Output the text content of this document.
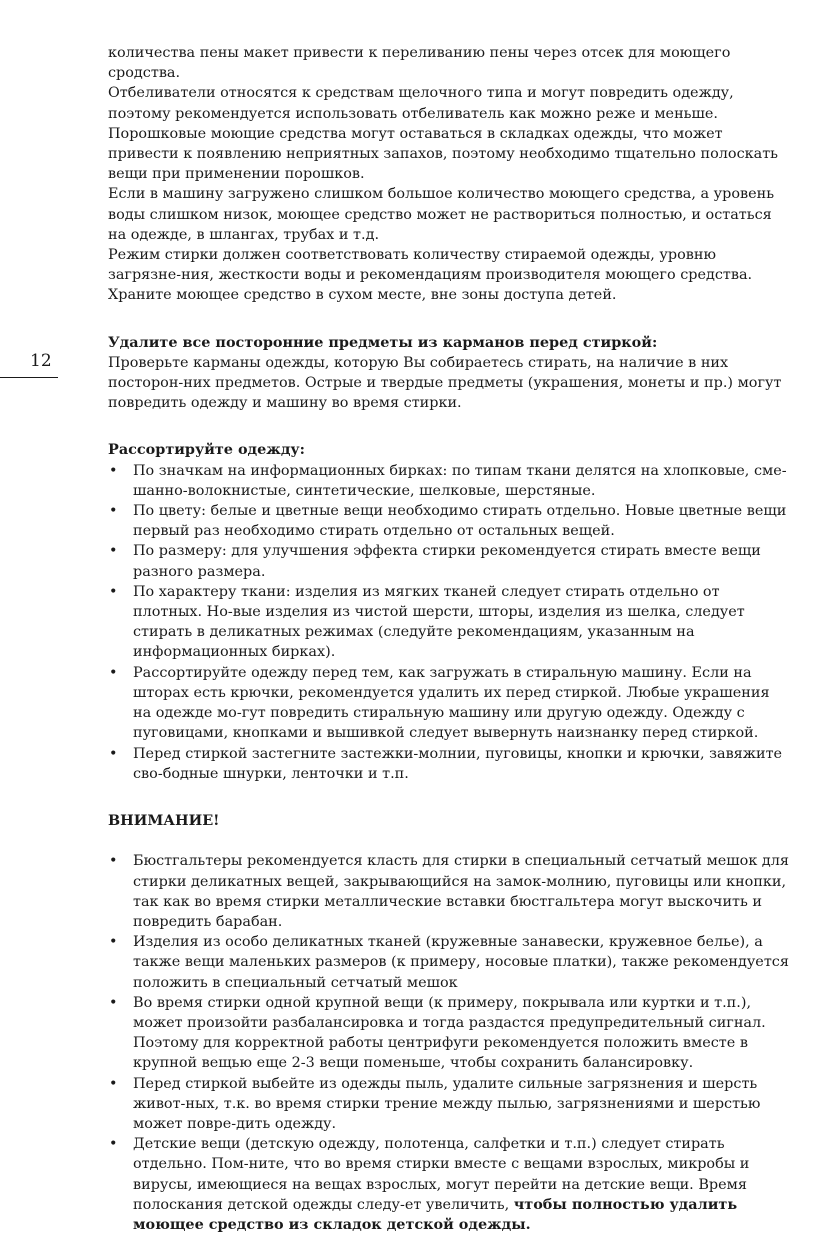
12

количества пены макет привести к переливанию пены через отсек для моющего сродства.

Отбеливатели относятся к средствам щелочного типа и могут повредить одежду, поэтому рекомендуется использовать отбеливатель как можно реже и меньше.

Порошковые моющие средства могут оставаться в складках одежды, что может привести к появлению неприятных запахов, поэтому необходимо тщательно полоскать вещи при применении порошков.

Если в машину загружено слишком большое количество моющего средства, а уровень воды слишком низок, моющее средство может не раствориться полностью, и остаться на одежде, в шлангах, трубах и т.д.

Режим стирки должен соответствовать количеству стираемой одежды, уровню загрязне-ния, жесткости воды и рекомендациям производителя моющего средства.

Храните моющее средство в сухом месте, вне зоны доступа детей.

Удалите все посторонние предметы из карманов перед стиркой:

Проверьте карманы одежды, которую Вы собираетесь стирать, на наличие в них посторон-них предметов. Острые и твердые предметы (украшения, монеты и пр.) могут повредить одежду и машину во время стирки.

Рассортируйте одежду:

• По значкам на информационных бирках: по типам ткани делятся на хлопковые, сме-шанно-волокнистые, синтетические, шелковые, шерстяные.
• По цвету: белые и цветные вещи необходимо стирать отдельно. Новые цветные вещи первый раз необходимо стирать отдельно от остальных вещей.
• По размеру: для улучшения эффекта стирки рекомендуется стирать вместе вещи разного размера.
• По характеру ткани: изделия из мягких тканей следует стирать отдельно от плотных. Но-вые изделия из чистой шерсти, шторы, изделия из шелка, следует стирать в деликатных режимах (следуйте рекомендациям, указанным на информационных бирках).
• Рассортируйте одежду перед тем, как загружать в стиральную машину. Если на шторах есть крючки, рекомендуется удалить их перед стиркой. Любые украшения на одежде мо-гут повредить стиральную машину или другую одежду. Одежду с пуговицами, кнопками и вышивкой следует вывернуть наизнанку перед стиркой.
• Перед стиркой застегните застежки-молнии, пуговицы, кнопки и крючки, завяжите сво-бодные шнурки, ленточки и т.п.

ВНИМАНИЕ!

• Бюстгальтеры рекомендуется класть для стирки в специальный сетчатый мешок для стирки деликатных вещей, закрывающийся на замок-молнию, пуговицы или кнопки, так как во время стирки металлические вставки бюстгальтера могут выскочить и повредить барабан.
• Изделия из особо деликатных тканей (кружевные занавески, кружевное белье), а также вещи маленьких размеров (к примеру, носовые платки), также рекомендуется положить в специальный сетчатый мешок
• Во время стирки одной крупной вещи (к примеру, покрывала или куртки и т.п.), может произойти разбалансировка и тогда раздастся предупредительный сигнал. Поэтому для корректной работы центрифуги рекомендуется положить вместе в крупной вещью еще 2-3 вещи поменьше, чтобы сохранить балансировку.
• Перед стиркой выбейте из одежды пыль, удалите сильные загрязнения и шерсть живот-ных, т.к. во время стирки трение между пылью, загрязнениями и шерстью может повре-дить одежду.
• Детские вещи (детскую одежду, полотенца, салфетки и т.п.) следует стирать отдельно. Пом-ните, что во время стирки вместе с вещами взрослых, микробы и вирусы, имеющиеся на вещах взрослых, могут перейти на детские вещи. Время полоскания детской одежды следу-ет увеличить, чтобы полностью удалить моющее средство из складок детской одежды.
